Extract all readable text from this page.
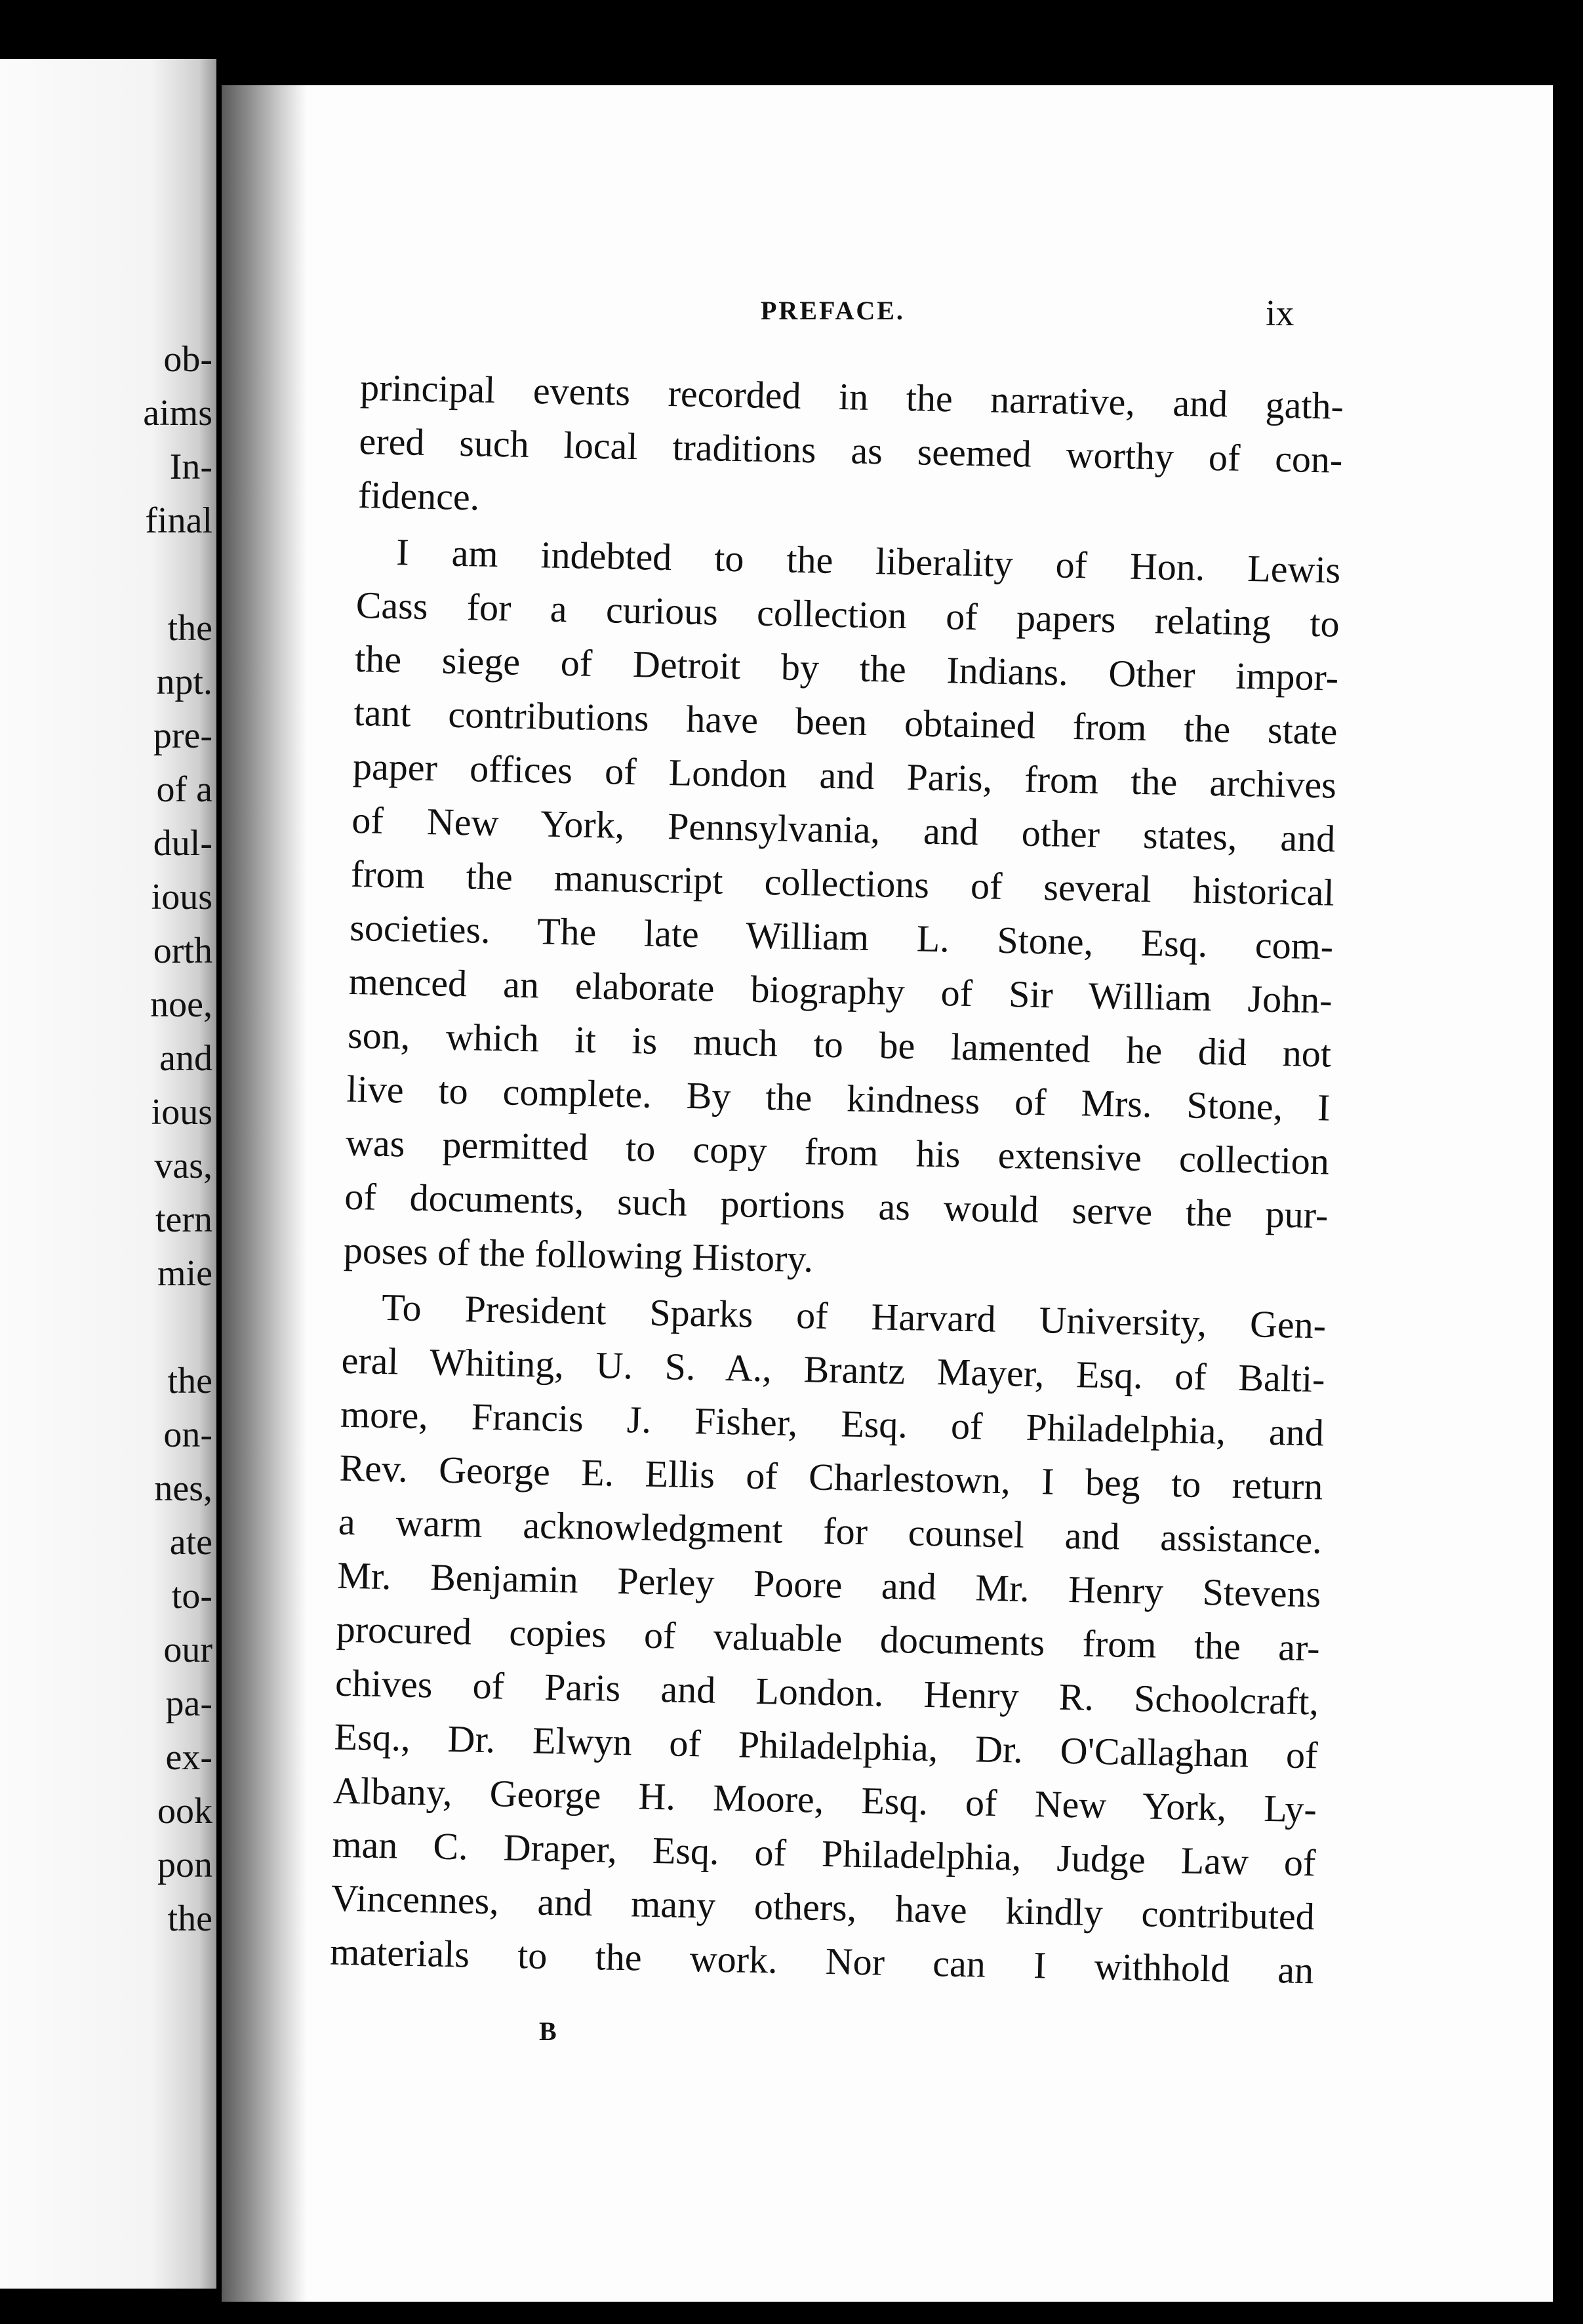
ob-
aims
In-
final
the
npt.
pre-
of a
dul-
ious
orth
noe,
and
ious
vas,
tern
mie
the
on-
nes,
ate
to-
our
pa-
ex-
ook
pon
the
PREFACE.	ix
principal events recorded in the narrative, and gath-
ered such local traditions as seemed worthy of con-
fidence.
I am indebted to the liberality of Hon. Lewis
Cass for a curious collection of papers relating to
the siege of Detroit by the Indians. Other impor-
tant contributions have been obtained from the state
paper offices of London and Paris, from the archives
of New York, Pennsylvania, and other states, and
from the manuscript collections of several historical
societies. The late William L. Stone, Esq. com-
menced an elaborate biography of Sir William John-
son, which it is much to be lamented he did not
live to complete. By the kindness of Mrs. Stone, I
was permitted to copy from his extensive collection
of documents, such portions as would serve the pur-
poses of the following History.
To President Sparks of Harvard University, Gen-
eral Whiting, U. S. A., Brantz Mayer, Esq. of Balti-
more, Francis J. Fisher, Esq. of Philadelphia, and
Rev. George E. Ellis of Charlestown, I beg to return
a warm acknowledgment for counsel and assistance.
Mr. Benjamin Perley Poore and Mr. Henry Stevens
procured copies of valuable documents from the ar-
chives of Paris and London. Henry R. Schoolcraft,
Esq., Dr. Elwyn of Philadelphia, Dr. O'Callaghan of
Albany, George H. Moore, Esq. of New York, Ly-
man C. Draper, Esq. of Philadelphia, Judge Law of
Vincennes, and many others, have kindly contributed
materials to the work. Nor can I withhold an
B
